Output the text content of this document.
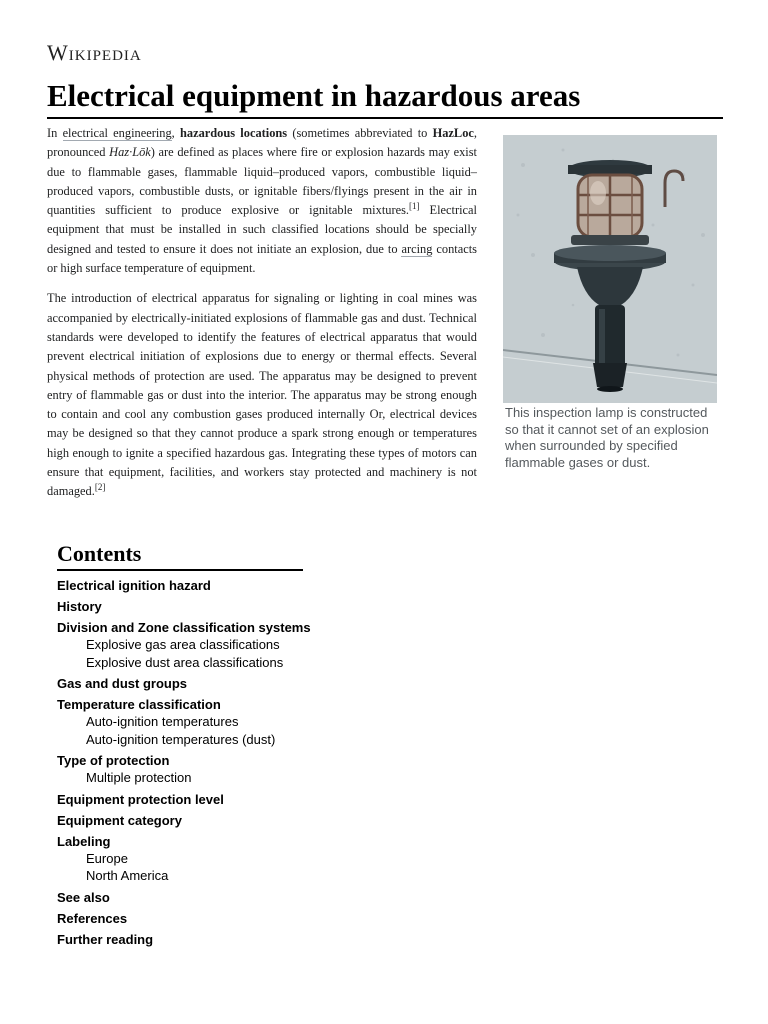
Wikipedia
Electrical equipment in hazardous areas

In electrical engineering, hazardous locations (sometimes abbreviated to HazLoc, pronounced Haz·Lōk) are defined as places where fire or explosion hazards may exist due to flammable gases, flammable liquid–produced vapors, combustible liquid–produced vapors, combustible dusts, or ignitable fibers/flyings present in the air in quantities sufficient to produce explosive or ignitable mixtures.[1] Electrical equipment that must be installed in such classified locations should be specially designed and tested to ensure it does not initiate an explosion, due to arcing contacts or high surface temperature of equipment.

The introduction of electrical apparatus for signaling or lighting in coal mines was accompanied by electrically-initiated explosions of flammable gas and dust. Technical standards were developed to identify the features of electrical apparatus that would prevent electrical initiation of explosions due to energy or thermal effects. Several physical methods of protection are used. The apparatus may be designed to prevent entry of flammable gas or dust into the interior. The apparatus may be strong enough to contain and cool any combustion gases produced internally Or, electrical devices may be designed so that they cannot produce a spark strong enough or temperatures high enough to ignite a specified hazardous gas. Integrating these types of motors can ensure that equipment, facilities, and workers stay protected and machinery is not damaged.[2]

This inspection lamp is constructed so that it cannot set of an explosion when surrounded by specified flammable gases or dust.
Contents
Electrical ignition hazard
History
Division and Zone classification systems
Explosive gas area classifications
Explosive dust area classifications
Gas and dust groups
Temperature classification
Auto-ignition temperatures
Auto-ignition temperatures (dust)
Type of protection
Multiple protection
Equipment protection level
Equipment category
Labeling
Europe
North America
See also
References
Further reading
